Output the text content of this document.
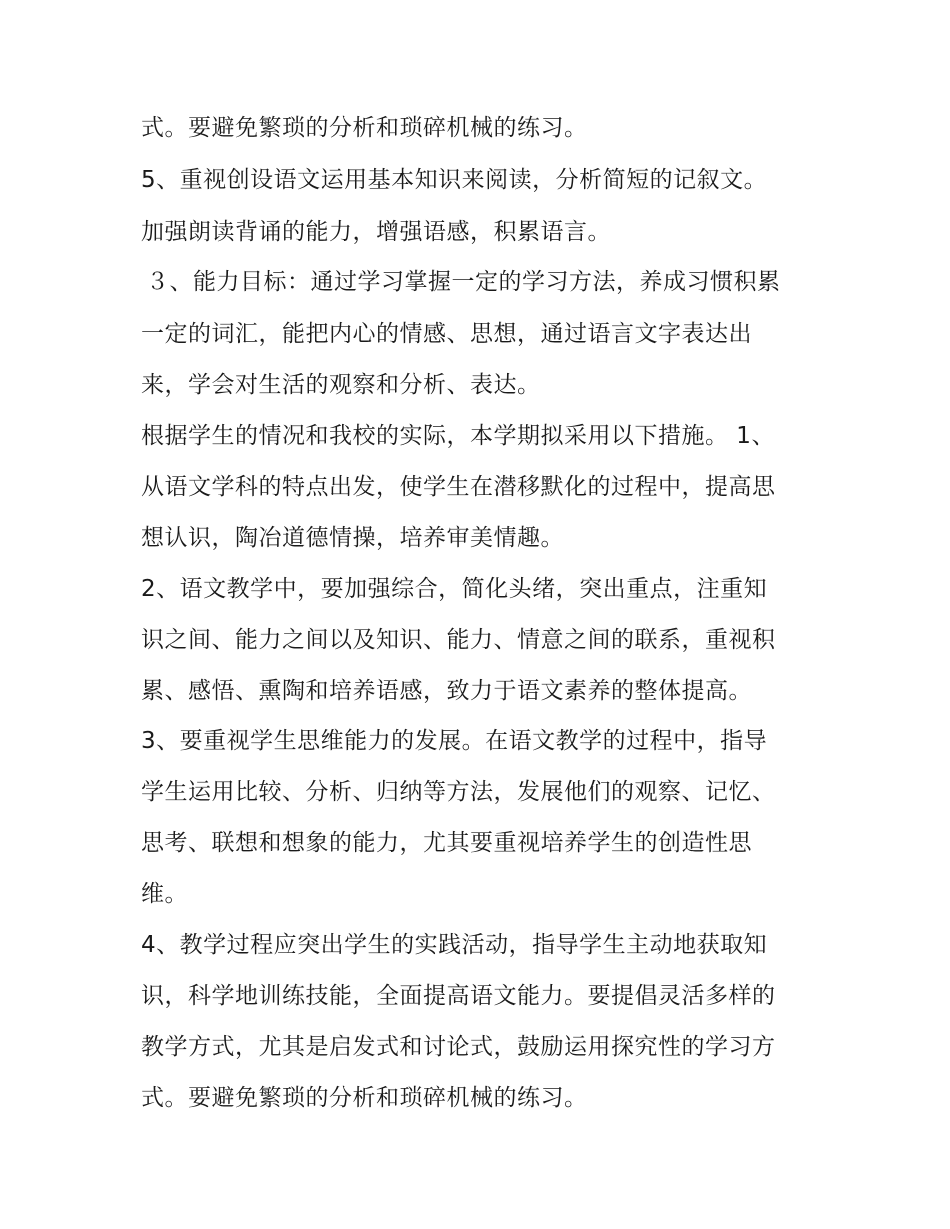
式。要避免繁琐的分析和琐碎机械的练习。

5、重视创设语文运用基本知识来阅读，分析简短的记叙文。

加强朗读背诵的能力，增强语感，积累语言。

３、能力目标：通过学习掌握一定的学习方法，养成习惯积累

一定的词汇，能把内心的情感、思想，通过语言文字表达出

来，学会对生活的观察和分析、表达。

根据学生的情况和我校的实际，本学期拟采用以下措施。 1、

从语文学科的特点出发，使学生在潜移默化的过程中，提高思

想认识，陶冶道德情操，培养审美情趣。

2、语文教学中，要加强综合，简化头绪，突出重点，注重知

识之间、能力之间以及知识、能力、情意之间的联系，重视积

累、感悟、熏陶和培养语感，致力于语文素养的整体提高。

3、要重视学生思维能力的发展。在语文教学的过程中，指导

学生运用比较、分析、归纳等方法，发展他们的观察、记忆、

思考、联想和想象的能力，尤其要重视培养学生的创造性思

维。

4、教学过程应突出学生的实践活动，指导学生主动地获取知

识，科学地训练技能，全面提高语文能力。要提倡灵活多样的

教学方式，尤其是启发式和讨论式，鼓励运用探究性的学习方

式。要避免繁琐的分析和琐碎机械的练习。
